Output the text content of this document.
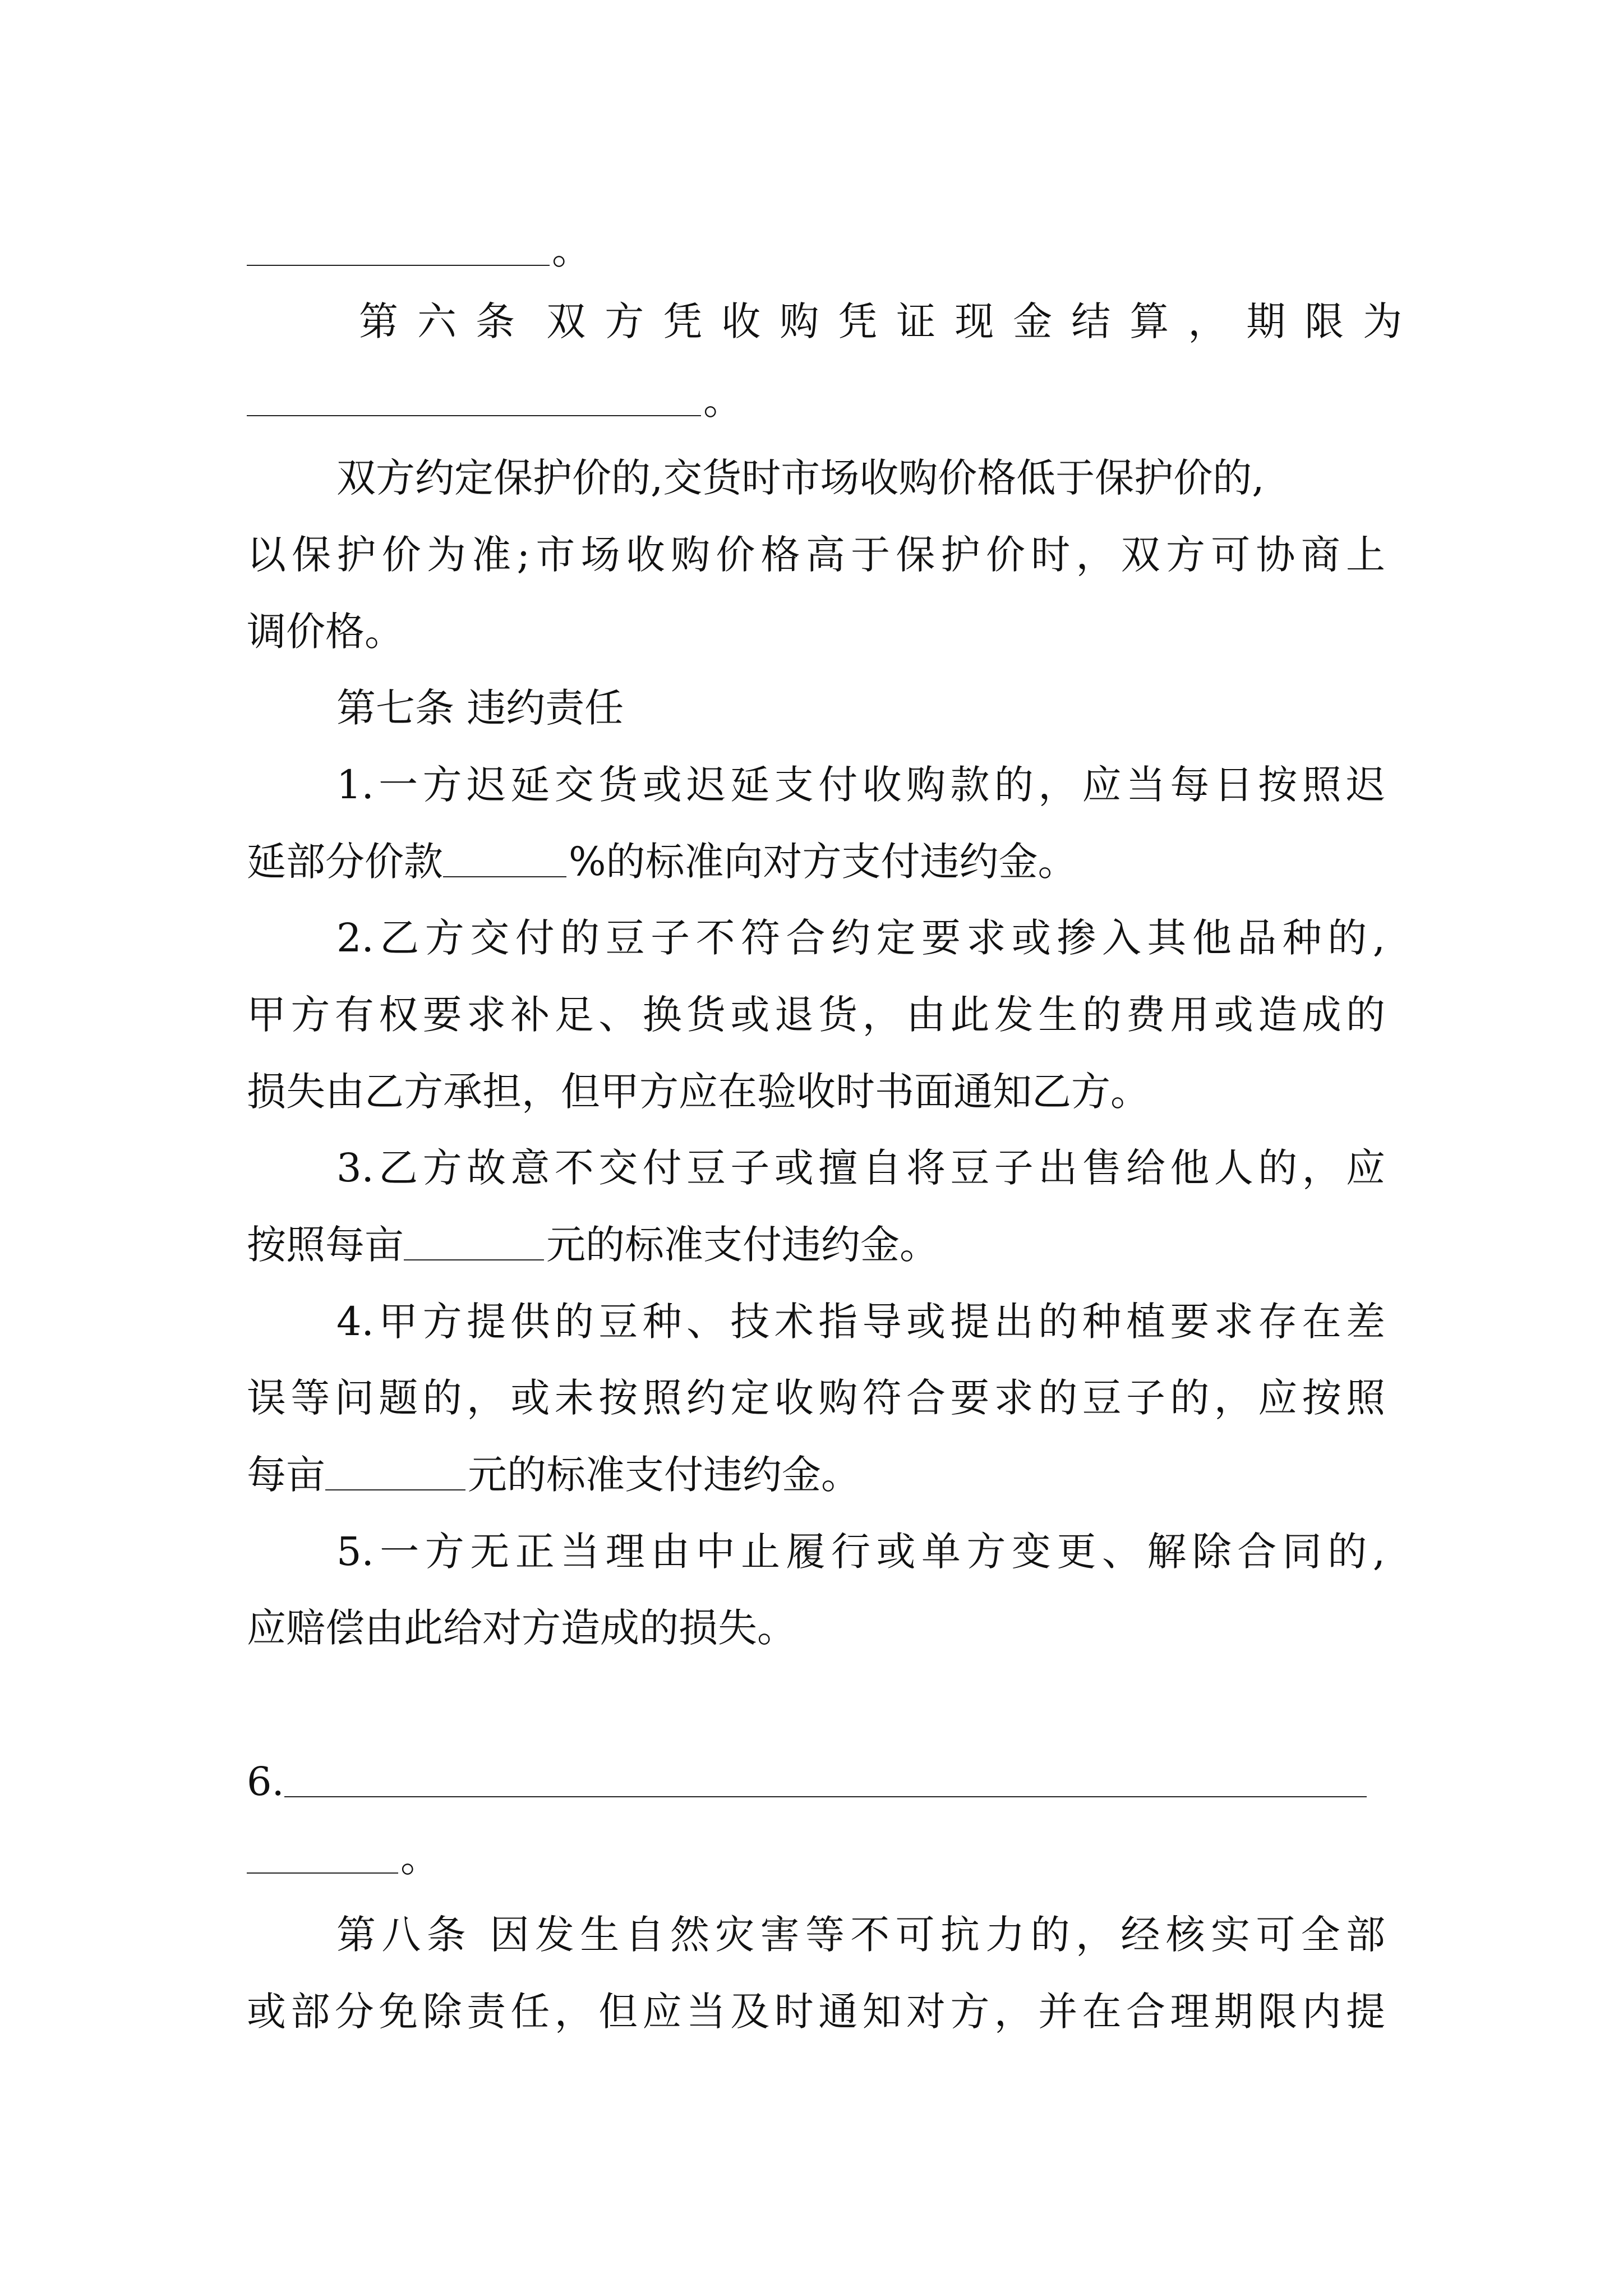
。
第六条 双方凭收购凭证现金结算，期限为
。
双方约定保护价的,交货时市场收购价格低于保护价的,
以保护价为准;市场收购价格高于保护价时，双方可协商上
调价格。
第七条 违约责任
1.一方迟延交货或迟延支付收购款的，应当每日按照迟
延部分价款	%的标准向对方支付违约金。
2.乙方交付的豆子不符合约定要求或掺入其他品种的,
甲方有权要求补足、换货或退货，由此发生的费用或造成的
损失由乙方承担，但甲方应在验收时书面通知乙方。
3.乙方故意不交付豆子或擅自将豆子出售给他人的，应
按照每亩	元的标准支付违约金。
4.甲方提供的豆种、技术指导或提出的种植要求存在差
误等问题的，或未按照约定收购符合要求的豆子的，应按照
每亩	元的标准支付违约金。
5.一方无正当理由中止履行或单方变更、解除合同的,
应赔偿由此给对方造成的损失。
6.
。
第八条 因发生自然灾害等不可抗力的，经核实可全部
或部分免除责任，但应当及时通知对方，并在合理期限内提
